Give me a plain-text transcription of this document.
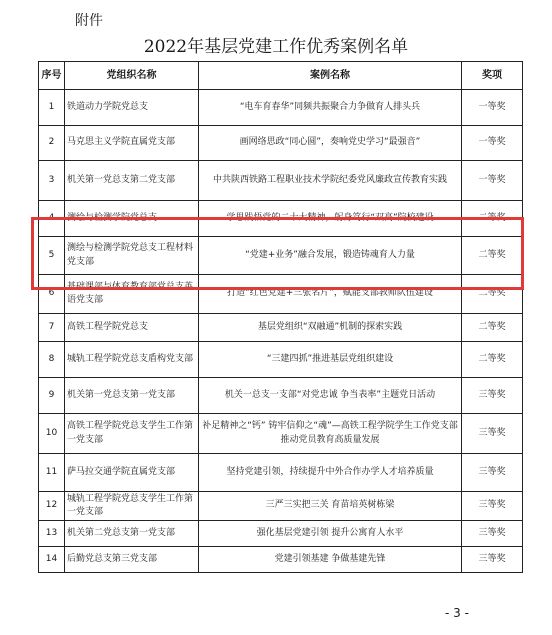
附件
2022年基层党建工作优秀案例名单
序号	党组织名称	案例名称	奖项
1	铁道动力学院党总支	“电车育春华”同频共振聚合力争做育人排头兵	一等奖
2	马克思主义学院直属党支部	画网络思政“同心圆”，奏响党史学习“最强音”	一等奖
3	机关第一党总支第二党支部	中共陕西铁路工程职业技术学院纪委党风廉政宣传教育实践	一等奖
4	测绘与检测学院党总支	学思践悟党的二十大精神，躬身笃行“双高”院校建设	二等奖
5	测绘与检测学院党总支工程材料党支部	“党建+业务”融合发展，锻造铸魂育人力量	二等奖
6	基础课部与体育教育部党总支英语党支部	打造“红色党建+三张名片”，赋能支部教师队伍建设	二等奖
7	高铁工程学院党总支	基层党组织“双融通”机制的探索实践	二等奖
8	城轨工程学院党总支盾构党支部	“三建四抓”推进基层党组织建设	二等奖
9	机关第一党总支第一党支部	机关一总支一支部“对党忠诚 争当表率”主题党日活动	三等奖
10	高铁工程学院党总支学生工作第一党支部	补足精神之“钙” 铸牢信仰之“魂”—高铁工程学院学生工作党支部推动党员教育高质量发展	三等奖
11	萨马拉交通学院直属党支部	坚持党建引领，持续提升中外合作办学人才培养质量	三等奖
12	城轨工程学院党总支学生工作第一党支部	三严三实把三关 育苗培英树栋梁	三等奖
13	机关第二党总支第一党支部	强化基层党建引领 提升公寓育人水平	三等奖
14	后勤党总支第三党支部	党建引领基建 争做基建先锋	三等奖
- 3 -
